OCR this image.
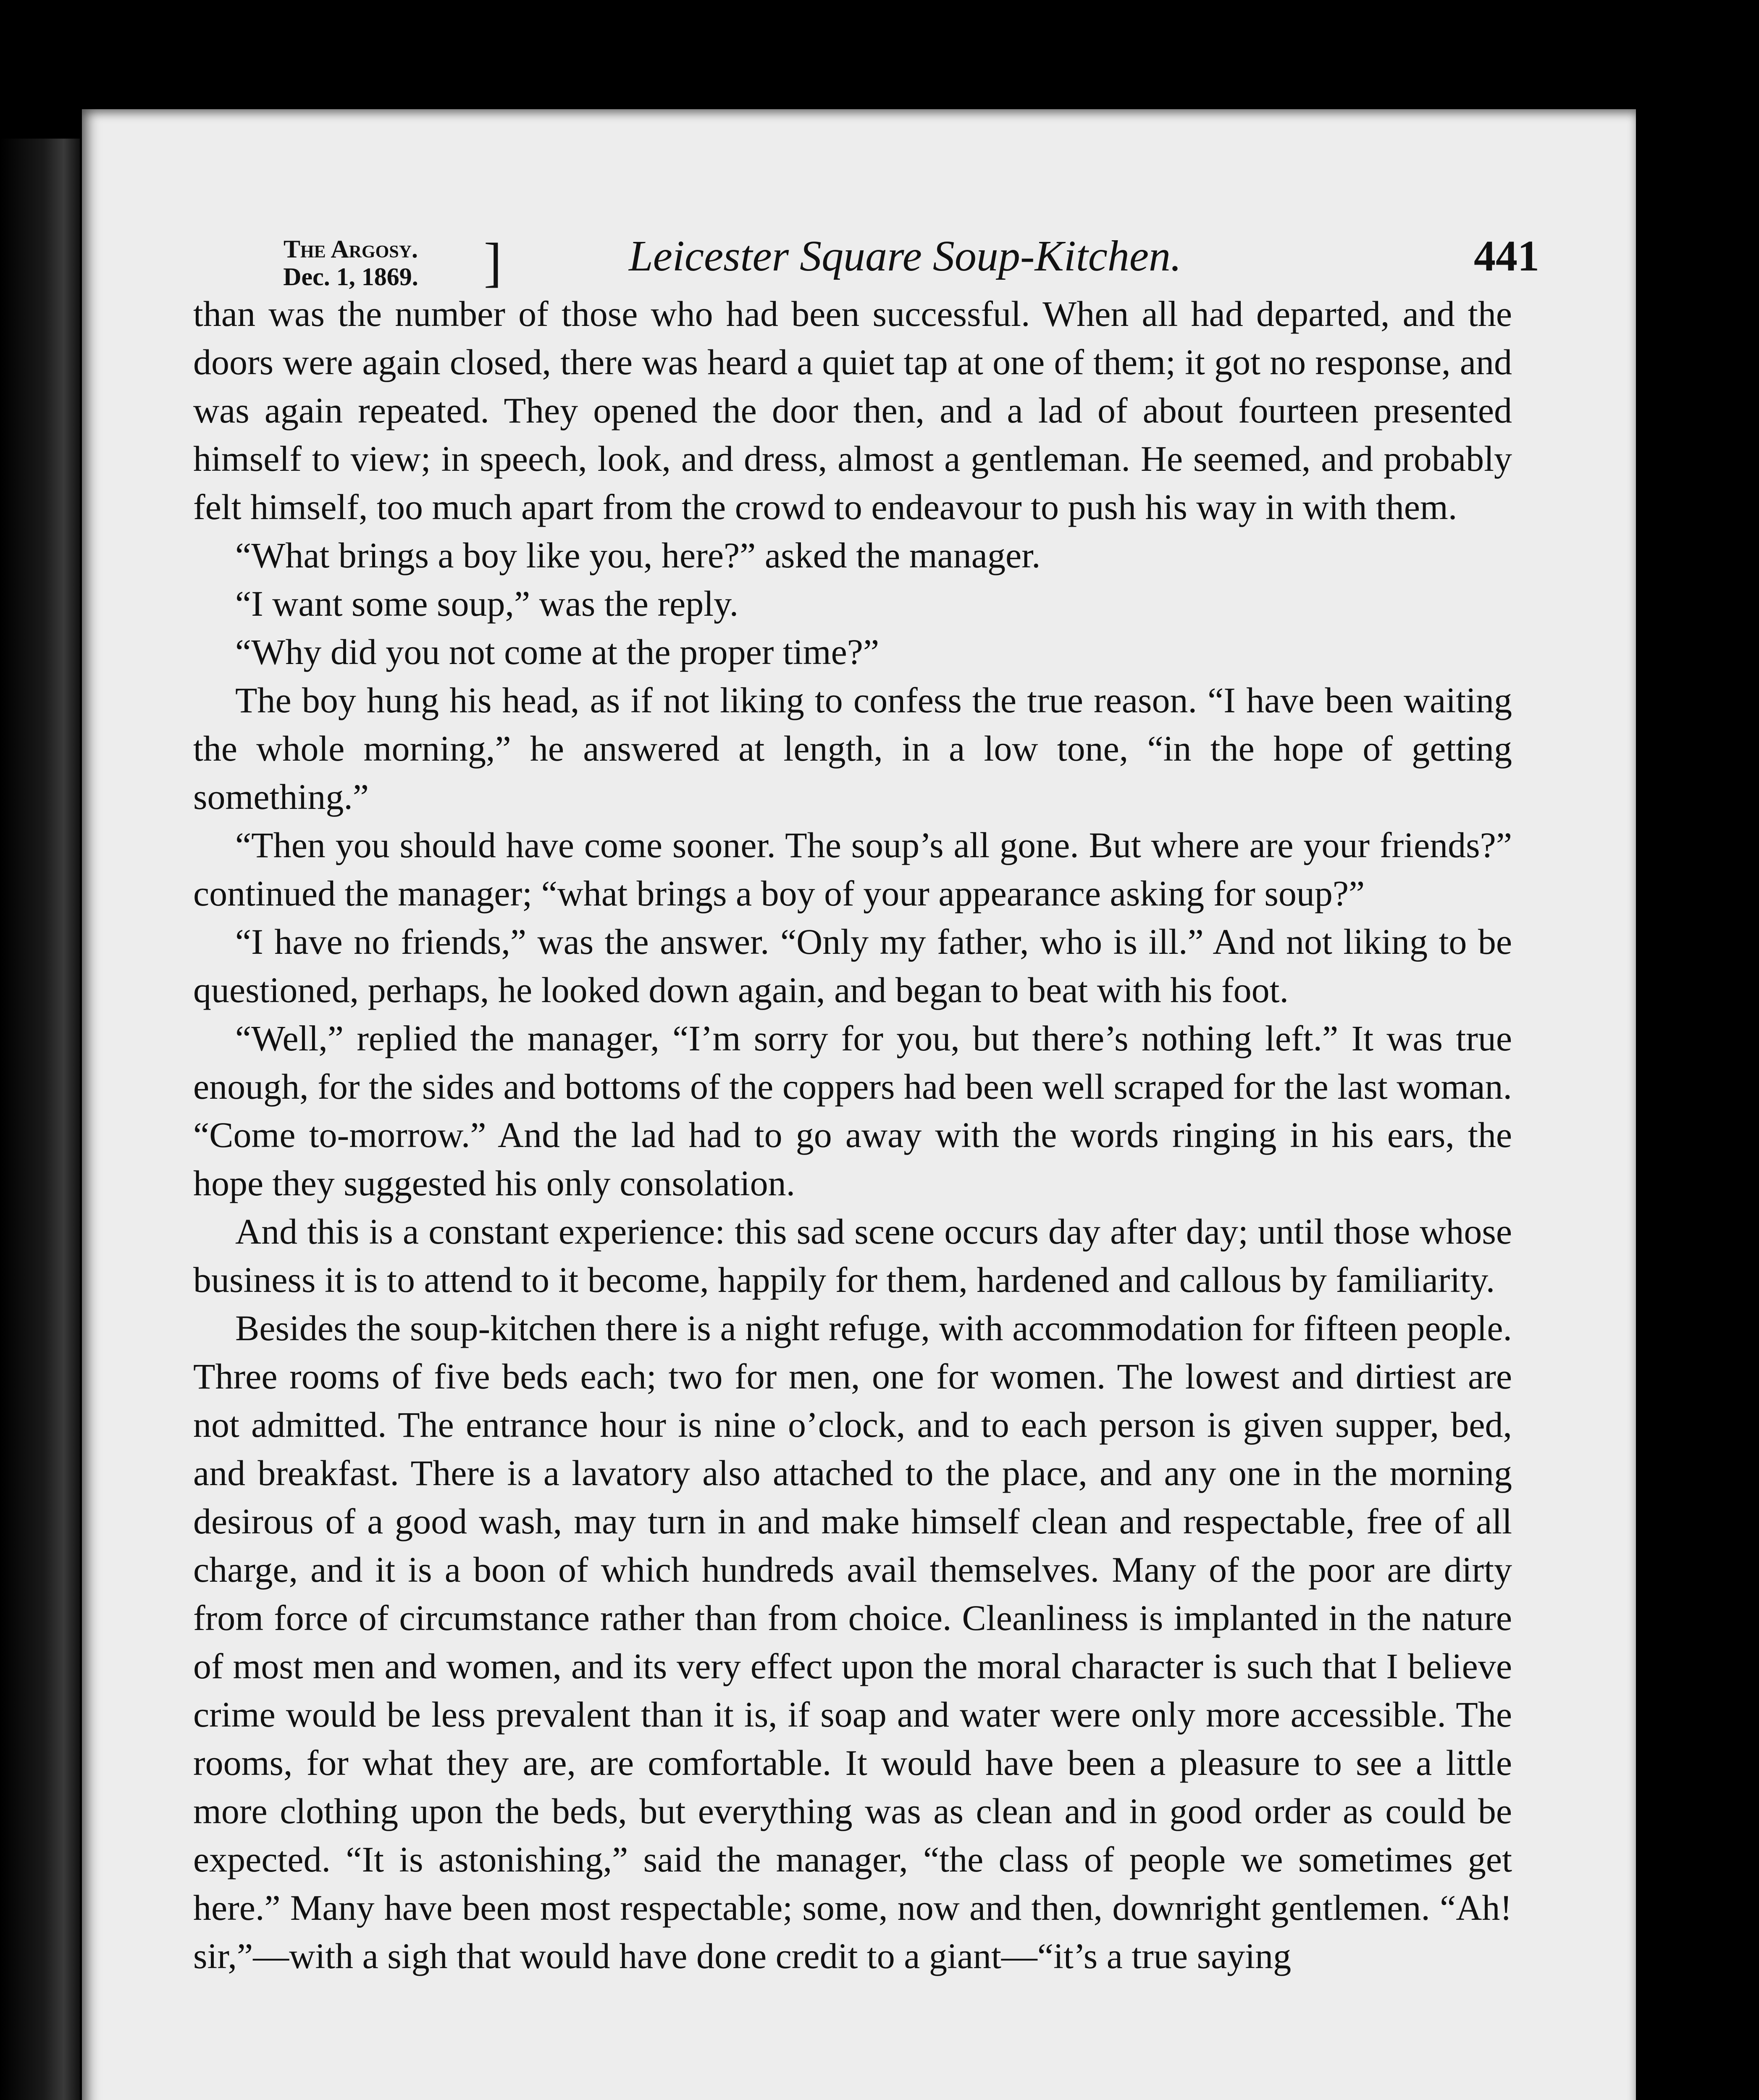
The Argosy.
Dec. 1, 1869.	]	Leicester Square Soup-Kitchen.	441

than was the number of those who had been successful. When all had departed, and the doors were again closed, there was heard a quiet tap at one of them; it got no response, and was again repeated. They opened the door then, and a lad of about fourteen presented himself to view; in speech, look, and dress, almost a gentleman. He seemed, and probably felt himself, too much apart from the crowd to endeavour to push his way in with them.

“What brings a boy like you, here?” asked the manager.

“I want some soup,” was the reply.

“Why did you not come at the proper time?”

The boy hung his head, as if not liking to confess the true reason. “I have been waiting the whole morning,” he answered at length, in a low tone, “in the hope of getting something.”

“Then you should have come sooner. The soup’s all gone. But where are your friends?” continued the manager; “what brings a boy of your appearance asking for soup?”

“I have no friends,” was the answer. “Only my father, who is ill.” And not liking to be questioned, perhaps, he looked down again, and began to beat with his foot.

“Well,” replied the manager, “I’m sorry for you, but there’s nothing left.” It was true enough, for the sides and bottoms of the coppers had been well scraped for the last woman. “Come to-morrow.” And the lad had to go away with the words ringing in his ears, the hope they suggested his only consolation.

And this is a constant experience: this sad scene occurs day after day; until those whose business it is to attend to it become, happily for them, hardened and callous by familiarity.

Besides the soup-kitchen there is a night refuge, with accommodation for fifteen people. Three rooms of five beds each; two for men, one for women. The lowest and dirtiest are not admitted. The entrance hour is nine o’clock, and to each person is given supper, bed, and breakfast. There is a lavatory also attached to the place, and any one in the morning desirous of a good wash, may turn in and make himself clean and respectable, free of all charge, and it is a boon of which hundreds avail themselves. Many of the poor are dirty from force of circumstance rather than from choice. Cleanliness is implanted in the nature of most men and women, and its very effect upon the moral character is such that I believe crime would be less prevalent than it is, if soap and water were only more accessible. The rooms, for what they are, are comfortable. It would have been a pleasure to see a little more clothing upon the beds, but everything was as clean and in good order as could be expected. “It is astonishing,” said the manager, “the class of people we sometimes get here.” Many have been most respectable; some, now and then, downright gentlemen. “Ah! sir,”—with a sigh that would have done credit to a giant—“it’s a true saying
